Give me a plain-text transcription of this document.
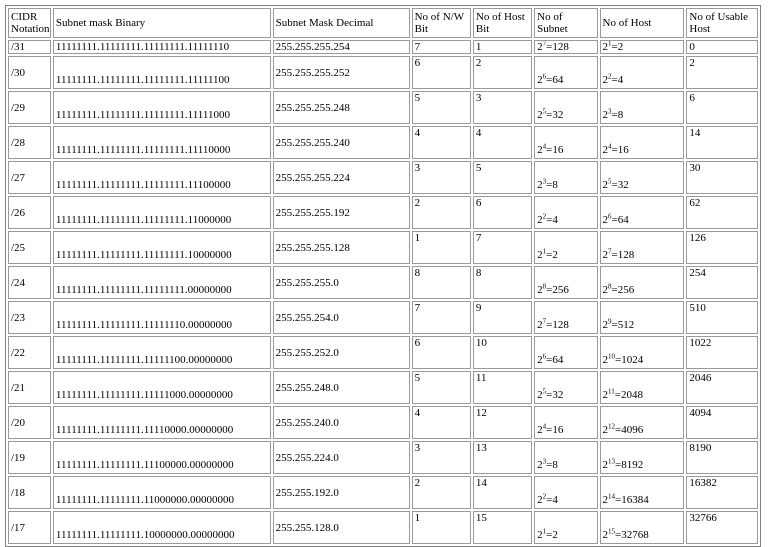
CIDR Notation	Subnet mask Binary	Subnet Mask Decimal	No of N/W Bit	No of Host Bit	No of Subnet	No of Host	No of Usable Host
/31	11111111.11111111.11111111.11111110	255.255.255.254	7	1	$2^7=128$	$2^1=2$	0
/30	11111111.11111111.11111111.11111100	255.255.255.252	6	2	$2^6=64$	$2^2=4$	2
/29	11111111.11111111.11111111.11111000	255.255.255.248	5	3	$2^5=32$	$2^3=8$	6
/28	11111111.11111111.11111111.11110000	255.255.255.240	4	4	$2^4=16$	$2^4=16$	14
/27	11111111.11111111.11111111.11100000	255.255.255.224	3	5	$2^3=8$	$2^5=32$	30
/26	11111111.11111111.11111111.11000000	255.255.255.192	2	6	$2^2=4$	$2^6=64$	62
/25	11111111.11111111.11111111.10000000	255.255.255.128	1	7	$2^1=2$	$2^7=128$	126
/24	11111111.11111111.11111111.00000000	255.255.255.0	8	8	$2^8=256$	$2^8=256$	254
/23	11111111.11111111.11111110.00000000	255.255.254.0	7	9	$2^7=128$	$2^9=512$	510
/22	11111111.11111111.11111100.00000000	255.255.252.0	6	10	$2^6=64$	$2^{10}=1024$	1022
/21	11111111.11111111.11111000.00000000	255.255.248.0	5	11	$2^5=32$	$2^{11}=2048$	2046
/20	11111111.11111111.11110000.00000000	255.255.240.0	4	12	$2^4=16$	$2^{12}=4096$	4094
/19	11111111.11111111.11100000.00000000	255.255.224.0	3	13	$2^3=8$	$2^{13}=8192$	8190
/18	11111111.11111111.11000000.00000000	255.255.192.0	2	14	$2^2=4$	$2^{14}=16384$	16382
/17	11111111.11111111.10000000.00000000	255.255.128.0	1	15	$2^1=2$	$2^{15}=32768$	32766
